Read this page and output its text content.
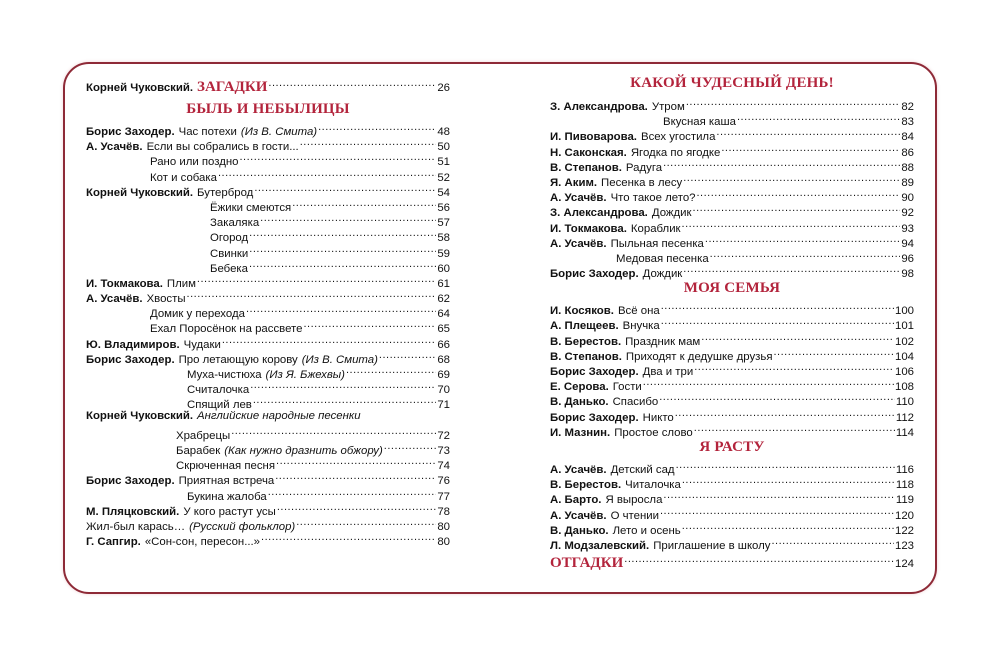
Корней Чуковский. ЗАГАДКИ .....	26
БЫЛЬ И НЕБЫЛИЦЫ
Борис Заходер. Час потехи (Из В. Смита) .....	48
А. Усачёв. Если вы собрались в гости... .....	50
Рано или поздно .....	51
Кот и собака .....	52
Корней Чуковский. Бутерброд .....	54
Ёжики смеются .....	56
Закаляка .....	57
Огород .....	58
Свинки .....	59
Бебека .....	60
И. Токмакова. Плим .....	61
А. Усачёв. Хвосты .....	62
Домик у перехода .....	64
Ехал Поросёнок на рассвете .....	65
Ю. Владимиров. Чудаки .....	66
Борис Заходер. Про летающую корову (Из В. Смита) .....	68
Муха-чистюха (Из Я. Бжехвы) .....	69
Считалочка .....	70
Спящий лев .....	71
Корней Чуковский. Английские народные песенки
Храбрецы .....	72
Барабек (Как нужно дразнить обжору) .....	73
Скрюченная песня .....	74
Борис Заходер. Приятная встреча .....	76
Букина жалоба .....	77
М. Пляцковский. У кого растут усы .....	78
Жил-был карась… (Русский фольклор) .....	80
Г. Сапгир. «Сон-сон, пересон...» .....	80
КАКОЙ ЧУДЕСНЫЙ ДЕНЬ!
З. Александрова. Утром .....	82
Вкусная каша .....	83
И. Пивоварова. Всех угостила .....	84
Н. Саконская. Ягодка по ягодке .....	86
В. Степанов. Радуга .....	88
Я. Аким. Песенка в лесу .....	89
А. Усачёв. Что такое лето? .....	90
З. Александрова. Дождик .....	92
И. Токмакова. Кораблик .....	93
А. Усачёв. Пыльная песенка .....	94
Медовая песенка .....	96
Борис Заходер. Дождик .....	98
МОЯ СЕМЬЯ
И. Косяков. Всё она .....	100
А. Плещеев. Внучка .....	101
В. Берестов. Праздник мам .....	102
В. Степанов. Приходят к дедушке друзья .....	104
Борис Заходер. Два и три .....	106
Е. Серова. Гости .....	108
В. Данько. Спасибо .....	110
Борис Заходер. Никто .....	112
И. Мазнин. Простое слово .....	114
Я РАСТУ
А. Усачёв. Детский сад .....	116
В. Берестов. Читалочка .....	118
А. Барто. Я выросла .....	119
А. Усачёв. О чтении .....	120
В. Данько. Лето и осень .....	122
Л. Модзалевский. Приглашение в школу .....	123
ОТГАДКИ .....	124
